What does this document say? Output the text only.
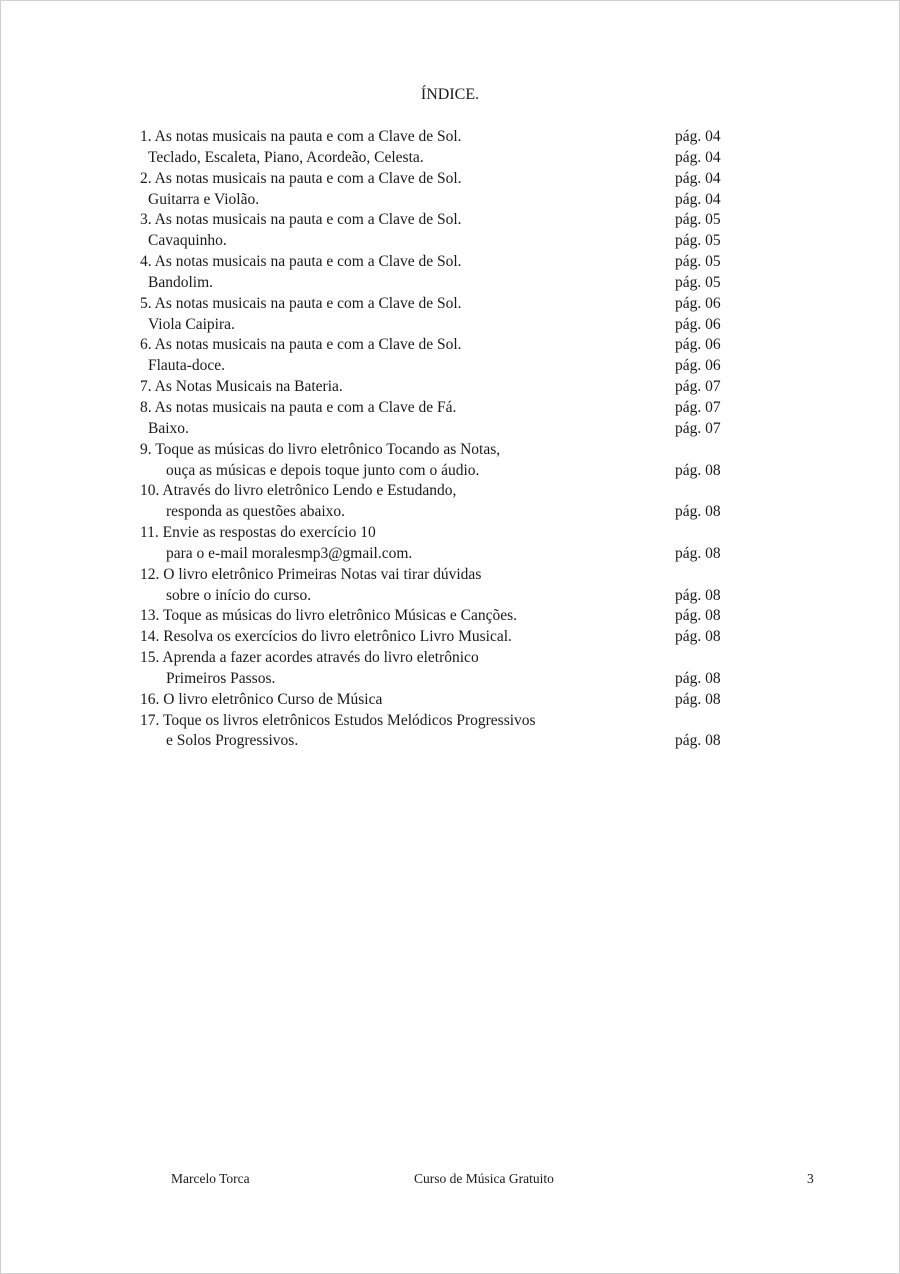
ÍNDICE.
1. As notas musicais na pauta e com a Clave de Sol.	pág. 04
Teclado, Escaleta, Piano, Acordeão, Celesta.	pág. 04
2. As notas musicais na pauta e com a Clave de Sol.	pág. 04
Guitarra e Violão.	pág. 04
3. As notas musicais na pauta e com a Clave de Sol.	pág. 05
Cavaquinho.	pág. 05
4. As notas musicais na pauta e com a Clave de Sol.	pág. 05
Bandolim.	pág. 05
5. As notas musicais na pauta e com a Clave de Sol.	pág. 06
Viola Caipira.	pág. 06
6. As notas musicais na pauta e com a Clave de Sol.	pág. 06
Flauta-doce.	pág. 06
7. As Notas Musicais na Bateria.	pág. 07
8. As notas musicais na pauta e com a Clave de Fá.	pág. 07
Baixo.	pág. 07
9. Toque as músicas do livro eletrônico Tocando as Notas,
ouça as músicas e depois toque junto com o áudio.	pág. 08
10. Através do livro eletrônico Lendo e Estudando,
responda as questões abaixo.	pág. 08
11. Envie as respostas do exercício 10
para o e-mail moralesmp3@gmail.com.	pág. 08
12. O livro eletrônico Primeiras Notas vai tirar dúvidas
sobre o início do curso.	pág. 08
13. Toque as músicas do livro eletrônico Músicas e Canções.	pág. 08
14. Resolva os exercícios do livro eletrônico Livro Musical.	pág. 08
15. Aprenda a fazer acordes através do livro eletrônico
Primeiros Passos.	pág. 08
16. O livro eletrônico Curso de Música	pág. 08
17. Toque os livros eletrônicos Estudos Melódicos Progressivos
e Solos Progressivos.	pág. 08
Marcelo Torca	Curso de Música Gratuito	3
